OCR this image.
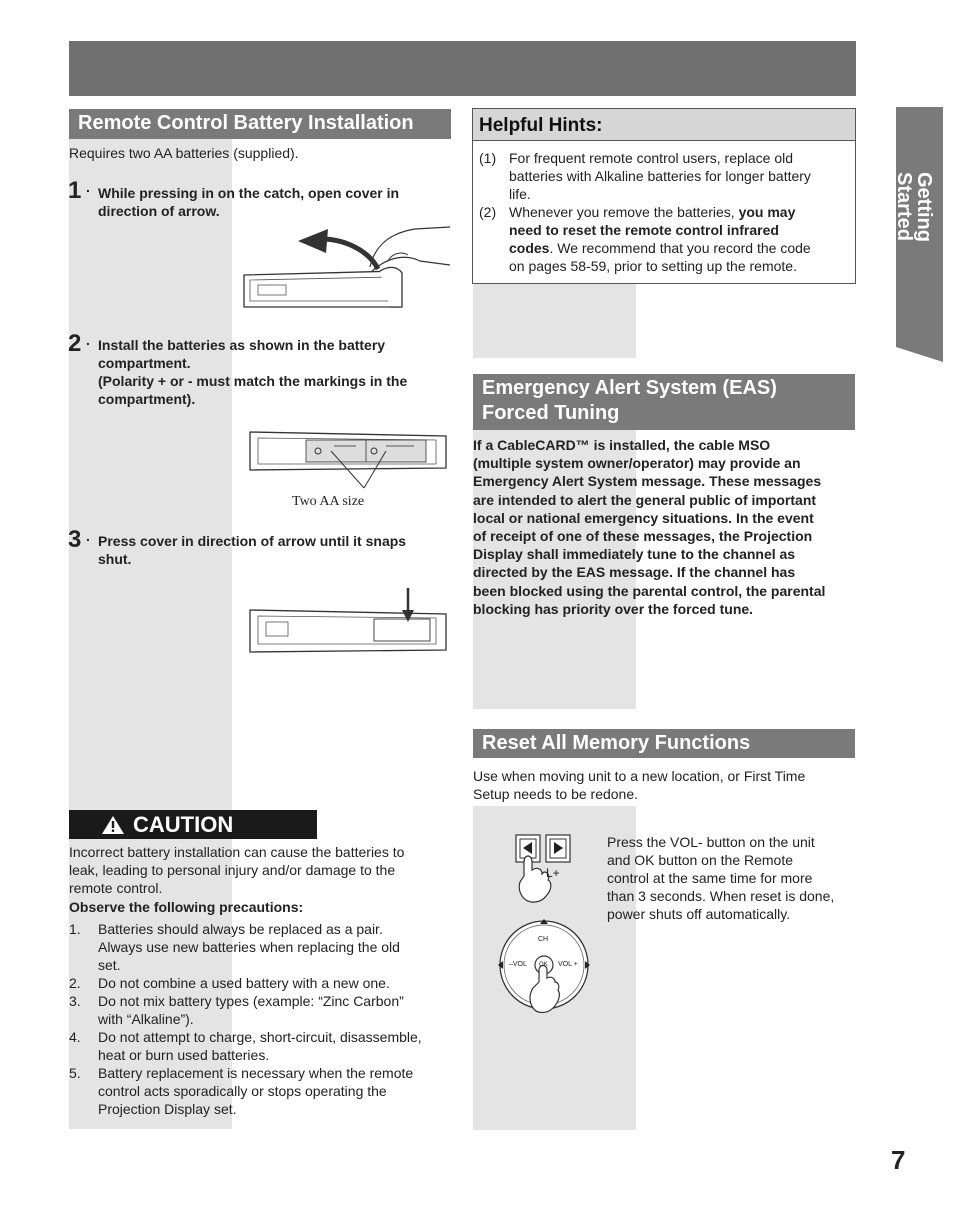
Getting Started
Remote Control Battery Installation
Requires two AA batteries (supplied).
1 . While pressing in on the catch, open cover in
direction of arrow.
2 . Install the batteries as shown in the battery
compartment.
(Polarity + or - must match the markings in the
compartment).
Two AA size
3 . Press cover in direction of arrow until it snaps
shut.
CAUTION
Incorrect battery installation can cause the batteries to
leak, leading to personal injury and/or damage to the
remote control.
Observe the following precautions:
1.	Batteries should always be replaced as a pair.
Always use new batteries when replacing the old
set.
2.	Do not combine a used battery with a new one.
3.	Do not mix battery types (example: “Zinc Carbon”
with “Alkaline”).
4.	Do not attempt to charge, short-circuit, disassemble,
heat or burn used batteries.
5.	Battery replacement is necessary when the remote
control acts sporadically or stops operating the
Projection Display set.
Helpful Hints:
(1) For frequent remote control users, replace old
batteries with Alkaline batteries for longer battery
life.
(2) Whenever you remove the batteries, you may
need to reset the remote control infrared
codes. We recommend that you record the code
on pages 58-59, prior to setting up the remote.
Emergency Alert System (EAS)
Forced Tuning
If a CableCARD™ is installed, the cable MSO
(multiple system owner/operator) may provide an
Emergency Alert System message. These messages
are intended to alert the general public of important
local or national emergency situations. In the event
of receipt of one of these messages, the Projection
Display shall immediately tune to the channel as
directed by the EAS message. If the channel has
been blocked using the parental control, the parental
blocking has priority over the forced tune.
Reset All Memory Functions
Use when moving unit to a new location, or First Time
Setup needs to be redone.
Press the VOL- button on the unit
and OK button on the Remote
control at the same time for more
than 3 seconds. When reset is done,
power shuts off automatically.
L+
CH
–VOL	VOL +
OK
7
